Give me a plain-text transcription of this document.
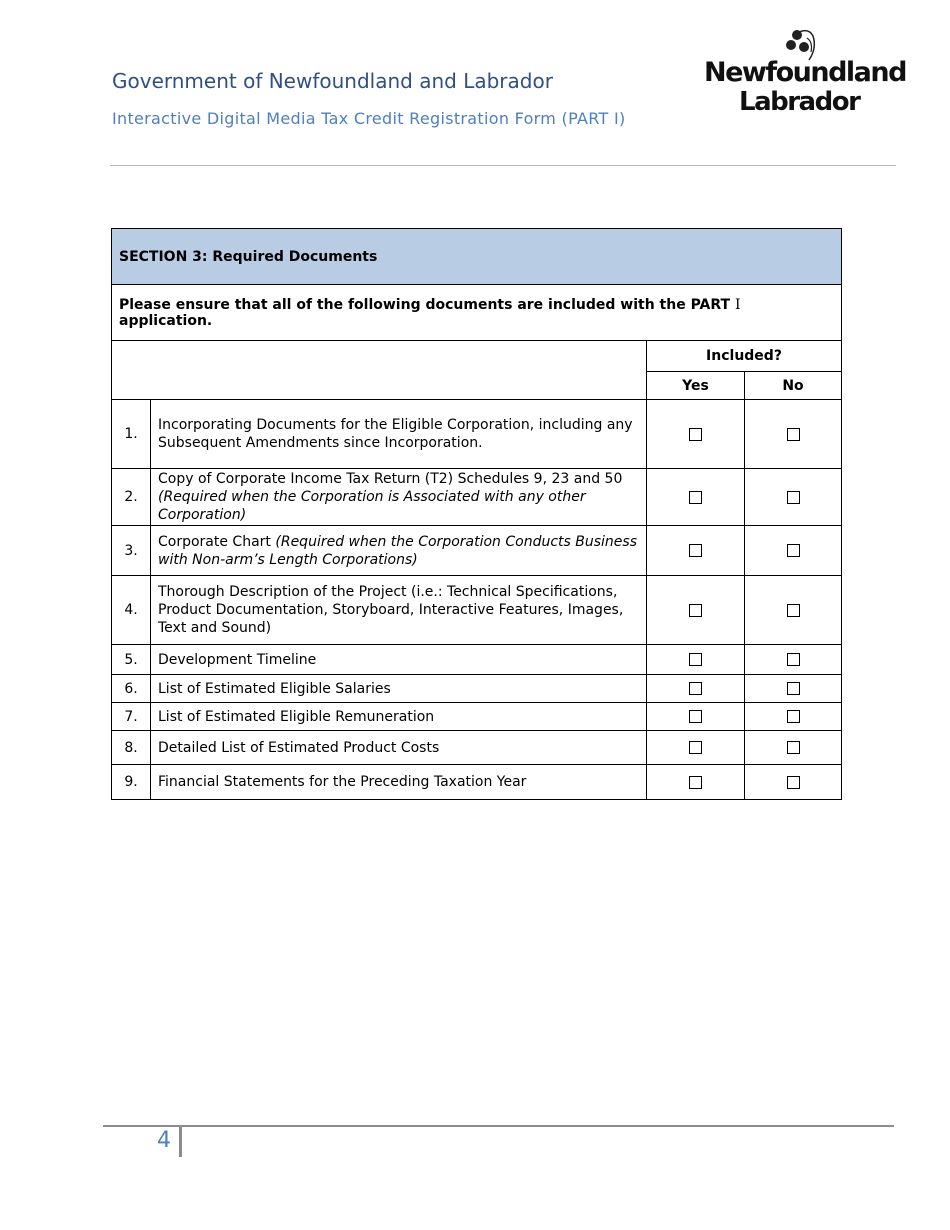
Government of Newfoundland and Labrador
Interactive Digital Media Tax Credit Registration Form (PART I)
Newfoundland
Labrador
SECTION 3: Required Documents			
Please ensure that all of the following documents are included with the PART I application.			
		Included?	
		Yes	No
1.	Incorporating Documents for the Eligible Corporation, including any Subsequent Amendments since Incorporation.		
2.	Copy of Corporate Income Tax Return (T2) Schedules 9, 23 and 50 (Required when the Corporation is Associated with any other Corporation)		
3.	Corporate Chart (Required when the Corporation Conducts Business with Non-arm’s Length Corporations)		
4.	Thorough Description of the Project (i.e.: Technical Specifications, Product Documentation, Storyboard, Interactive Features, Images, Text and Sound)		
5.	Development Timeline		
6.	List of Estimated Eligible Salaries		
7.	List of Estimated Eligible Remuneration		
8.	Detailed List of Estimated Product Costs		
9.	Financial Statements for the Preceding Taxation Year		
4
